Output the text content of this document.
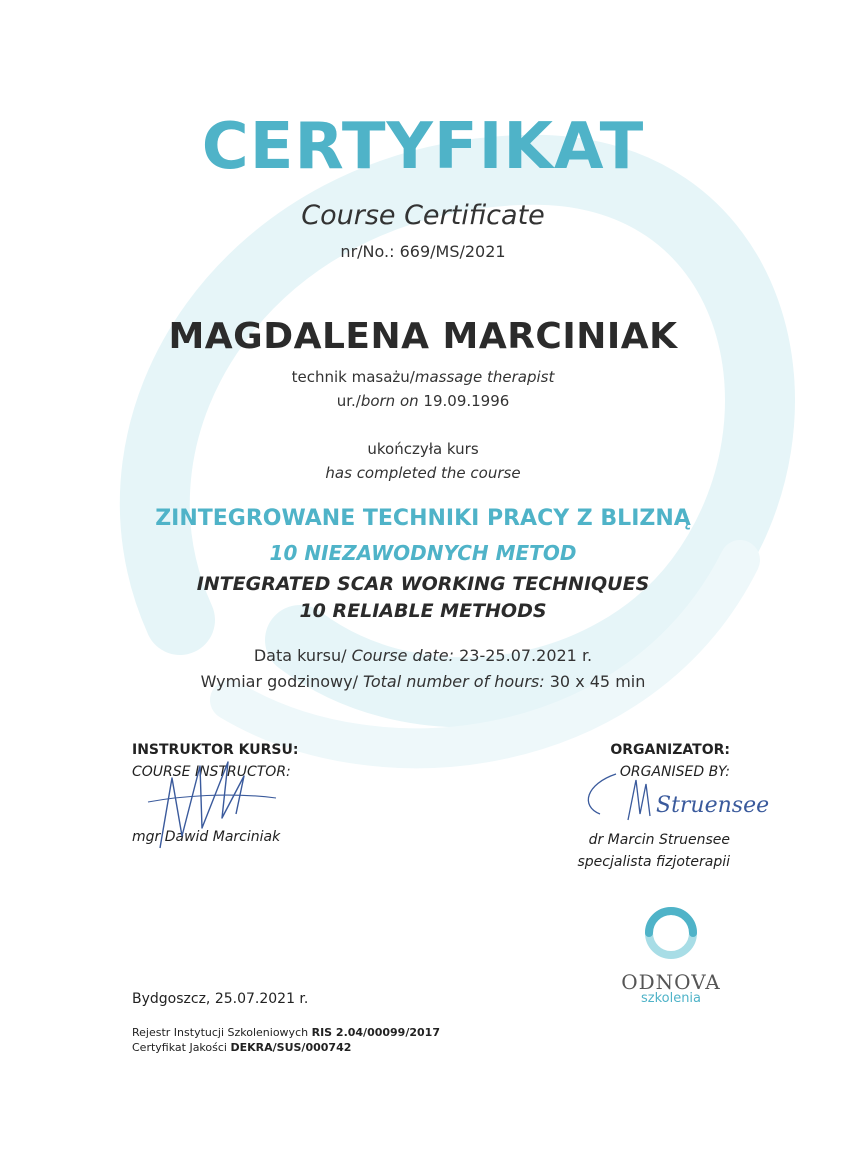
CERTYFIKAT
Course Certificate
nr/No.: 669/MS/2021
MAGDALENA MARCINIAK
technik masażu/massage therapist
ur./born on 19.09.1996
ukończyła kurs
has completed the course
ZINTEGROWANE TECHNIKI PRACY Z BLIZNĄ
10 NIEZAWODNYCH METOD
INTEGRATED SCAR WORKING TECHNIQUES
10 RELIABLE METHODS
Data kursu/ Course date: 23-25.07.2021 r.
Wymiar godzinowy/ Total number of hours: 30 x 45 min
INSTRUKTOR KURSU:
COURSE INSTRUCTOR:
mgr Dawid Marciniak
ORGANIZATOR:
ORGANISED BY:
dr Marcin Struensee
specjalista fizjoterapii
Struensee
ODNOVA
szkolenia
Bydgoszcz, 25.07.2021 r.
Rejestr Instytucji Szkoleniowych RIS 2.04/00099/2017
Certyfikat Jakości DEKRA/SUS/000742
